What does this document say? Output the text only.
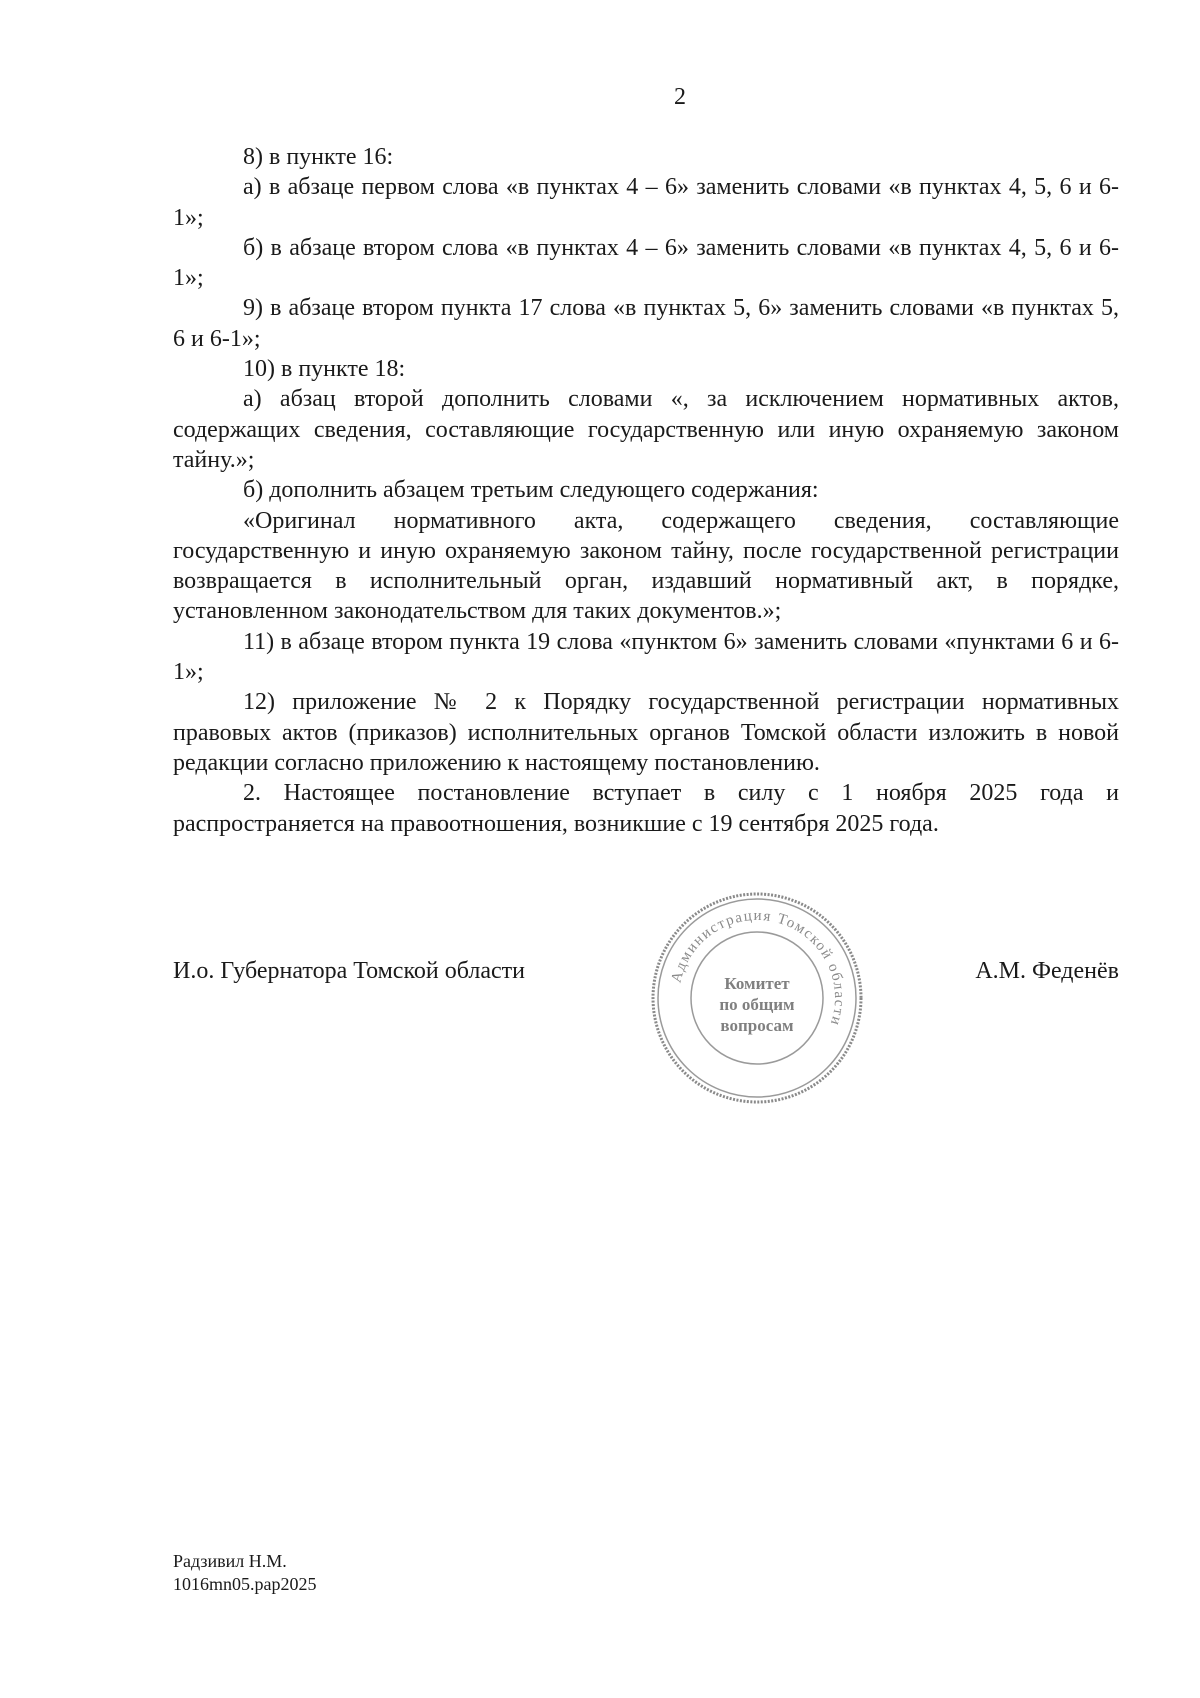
2

8) в пункте 16:

а) в абзаце первом слова «в пунктах 4 – 6» заменить словами «в пунктах 4, 5, 6 и 6-1»;

б) в абзаце втором слова «в пунктах 4 – 6» заменить словами «в пунктах 4, 5, 6 и 6-1»;

9) в абзаце втором пункта 17 слова «в пунктах 5, 6» заменить словами «в пунктах 5, 6 и 6-1»;

10) в пункте 18:

а) абзац второй дополнить словами «, за исключением нормативных актов, содержащих сведения, составляющие государственную или иную охраняемую законом тайну.»;

б) дополнить абзацем третьим следующего содержания:

«Оригинал нормативного акта, содержащего сведения, составляющие государственную и иную охраняемую законом тайну, после государственной регистрации возвращается в исполнительный орган, издавший нормативный акт, в порядке, установленном законодательством для таких документов.»;

11) в абзаце втором пункта 19 слова «пунктом 6» заменить словами «пунктами 6 и 6-1»;

12) приложение № 2 к Порядку государственной регистрации нормативных правовых актов (приказов) исполнительных органов Томской области изложить в новой редакции согласно приложению к настоящему постановлению.

2. Настоящее постановление вступает в силу с 1 ноября 2025 года и распространяется на правоотношения, возникшие с 19 сентября 2025 года.

И.о. Губернатора Томской области	А.М. Феденёв
Администрация Томской области
Комитет
по общим
вопросам
Радзивил Н.М.
1016mn05.pap2025
